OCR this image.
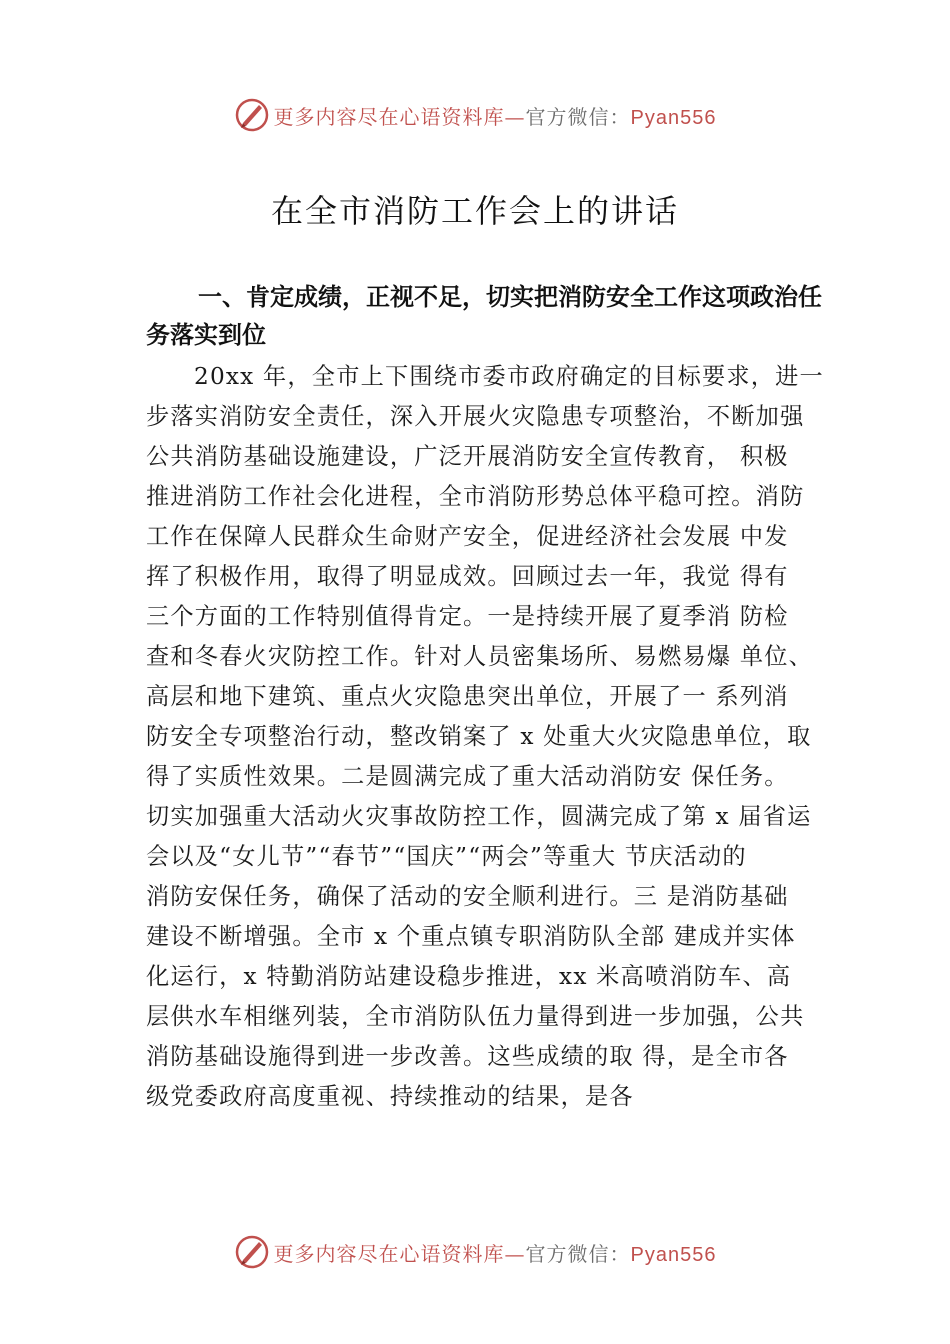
更多内容尽在心语资料库—官方微信：Pyan556
在全市消防工作会上的讲话
一、肯定成绩，正视不足，切实把消防安全工作这项政治任务落实到位
20xx 年，全市上下围绕市委市政府确定的目标要求，进一
步落实消防安全责任，深入开展火灾隐患专项整治，不断加强
公共消防基础设施建设，广泛开展消防安全宣传教育， 积极
推进消防工作社会化进程，全市消防形势总体平稳可控。消防
工作在保障人民群众生命财产安全，促进经济社会发展 中发
挥了积极作用，取得了明显成效。回顾过去一年，我觉 得有
三个方面的工作特别值得肯定。一是持续开展了夏季消 防检
查和冬春火灾防控工作。针对人员密集场所、易燃易爆 单位、
高层和地下建筑、重点火灾隐患突出单位，开展了一 系列消
防安全专项整治行动，整改销案了 x 处重大火灾隐患单位，取
得了实质性效果。二是圆满完成了重大活动消防安 保任务。
切实加强重大活动火灾事故防控工作，圆满完成了第 x 届省运
会以及“女儿节”“春节”“国庆”“两会”等重大 节庆活动的
消防安保任务，确保了活动的安全顺利进行。三 是消防基础
建设不断增强。全市 x 个重点镇专职消防队全部 建成并实体
化运行，x 特勤消防站建设稳步推进，xx 米高喷消防车、高
层供水车相继列装，全市消防队伍力量得到进一步加强，公共
消防基础设施得到进一步改善。这些成绩的取 得，是全市各
级党委政府高度重视、持续推动的结果，是各
更多内容尽在心语资料库—官方微信：Pyan556
